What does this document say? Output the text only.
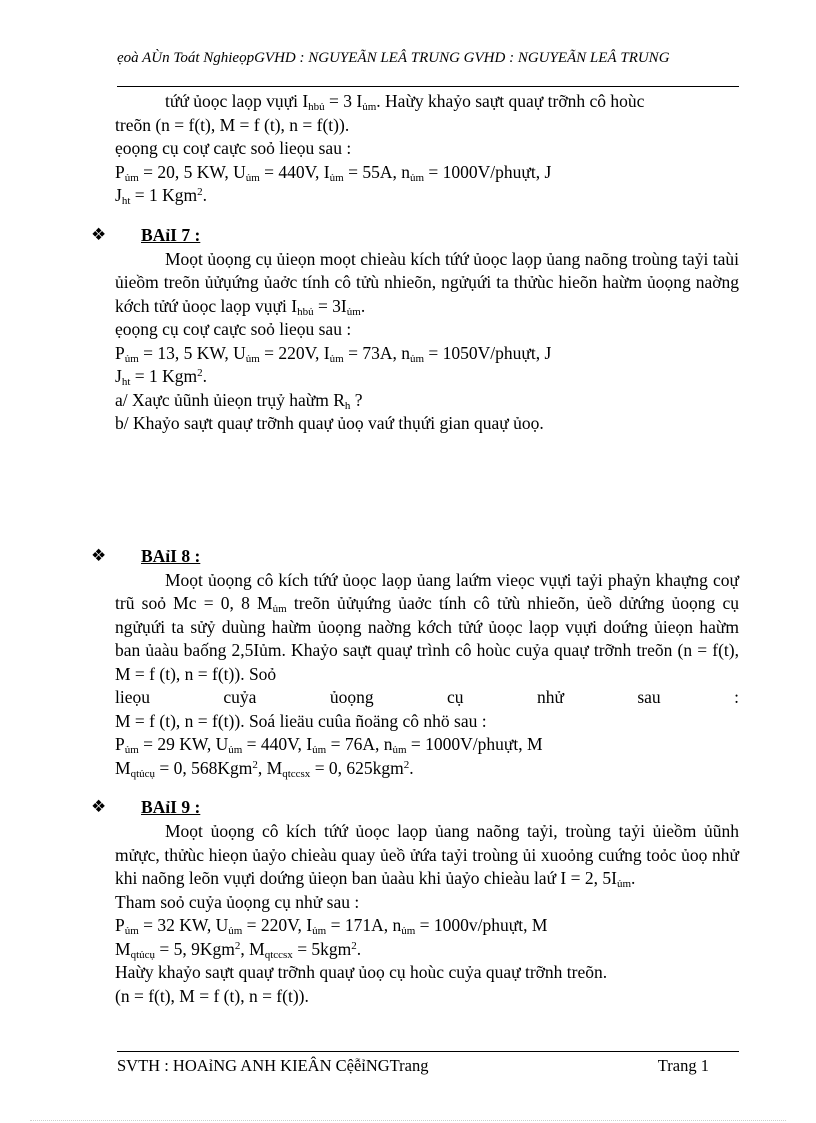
ẹoà AÙn Toát NghieọpGVHD : NGUYEÃN LEÂ TRUNG GVHD : NGUYEÃN LEÂ TRUNG

tứứ ủoọc laọp vụựi $I_{hbủ} = 3$ $I_{ủm}$. Haừy khaỷo saựt quaự trỡnh cô hoùc

treõn (n = f(t), M = f (t), n = f(t)).

ẹoọng cụ coự caực soỏ lieọu sau :

$P_{ủm} = 20$, 5 KW, $U_{ủm} = 440V$, $I_{ủm} = 55A$, $n_{ủm}$ = 1000V/phuựt, J

$J_{ht} = 1$ Kgm$^2$.

❖ BAỉI 7 :

Moọt ủoọng cụ ủieọn moọt chieàu kích tứứ ủoọc laọp ủang naõng troùng taỷi taùi ủieồm treõn ủửụứng ủaởc tính cô tửù nhieõn, ngửụứi ta thửùc hieõn haừm ủoọng naờng kớch tửứ ủoọc laọp vụựi $I_{hbủ} = 3I_{ủm}$.

ẹoọng cụ coự caực soỏ lieọu sau :

$P_{ủm} = 13$, 5 KW, $U_{ủm} = 220V$, $I_{ủm} = 73A$, $n_{ủm}$ = 1050V/phuựt, J

$J_{ht} = 1$ Kgm$^2$.

a/ Xaực ủũnh ủieọn trụỷ haừm $R_h$ ?

b/ Khaỷo saựt quaự trỡnh quaự ủoọ vaứ thụứi gian quaự ủoọ.

❖ BAỉI 8 :

Moọt ủoọng cô kích tứứ ủoọc laọp ủang laứm vieọc vụựi taỷi phaỷn khaựng coự trũ soỏ Mc = 0, 8 $M_{ủm}$ treõn ủửụứng ủaởc tính cô tửù nhieõn, ủeồ dửứng ủoọng cụ ngửụứi ta sửỷ duùng haừm ủoọng naờng kớch tửứ ủoọc laọp vụựi doứng ủieọn haừm ban ủaàu baống 2,5Iủm. Khaỷo saựt quaự trình cô hoùc cuỷa quaự trỡnh treõn (n = f(t), M = f (t), n = f(t)). Soỏ

lieọu	cuỷa	ủoọng	cụ	nhử	sau	:

M = f (t), n = f(t)). Soá lieäu cuûa ñoäng cô nhö sau :

$P_{ủm} = 29$ KW, $U_{ủm} = 440V$, $I_{ủm} = 76A$, $n_{ủm}$ = 1000V/phuựt, M

$M_{qtủcụ} = 0$, 568Kgm$^2$, $M_{qtccsx} = 0$, 625kgm$^2$.

❖ BAỉI 9 :

Moọt ủoọng cô kích tứứ ủoọc laọp ủang naõng taỷi, troùng taỷi ủieồm ủũnh mửực, thửùc hieọn ủaỷo chieàu quay ủeồ ửứa taỷi troùng ủi xuoỏng cuứng toỏc ủoọ nhử khi naõng leõn vụựi doứng ủieọn ban ủaàu khi ủaỷo chieàu laứ I = 2, $5I_{ủm}$.

Tham soỏ cuỷa ủoọng cụ nhử sau :

$P_{ủm} = 32$ KW, $U_{ủm} = 220V$, $I_{ủm} = 171A$, $n_{ủm}$ = 1000v/phuựt, M

$M_{qtủcụ} = 5$, 9Kgm$^2$, $M_{qtccsx} = 5kgm^2$.

Haừy khaỷo saựt quaự trỡnh quaự ủoọ cụ hoùc cuỷa quaự trỡnh treõn.

(n = f(t), M = f (t), n = f(t)).

SVTH : HOAỉNG ANH KIEÂN CệễỉNGTrang	Trang 1
